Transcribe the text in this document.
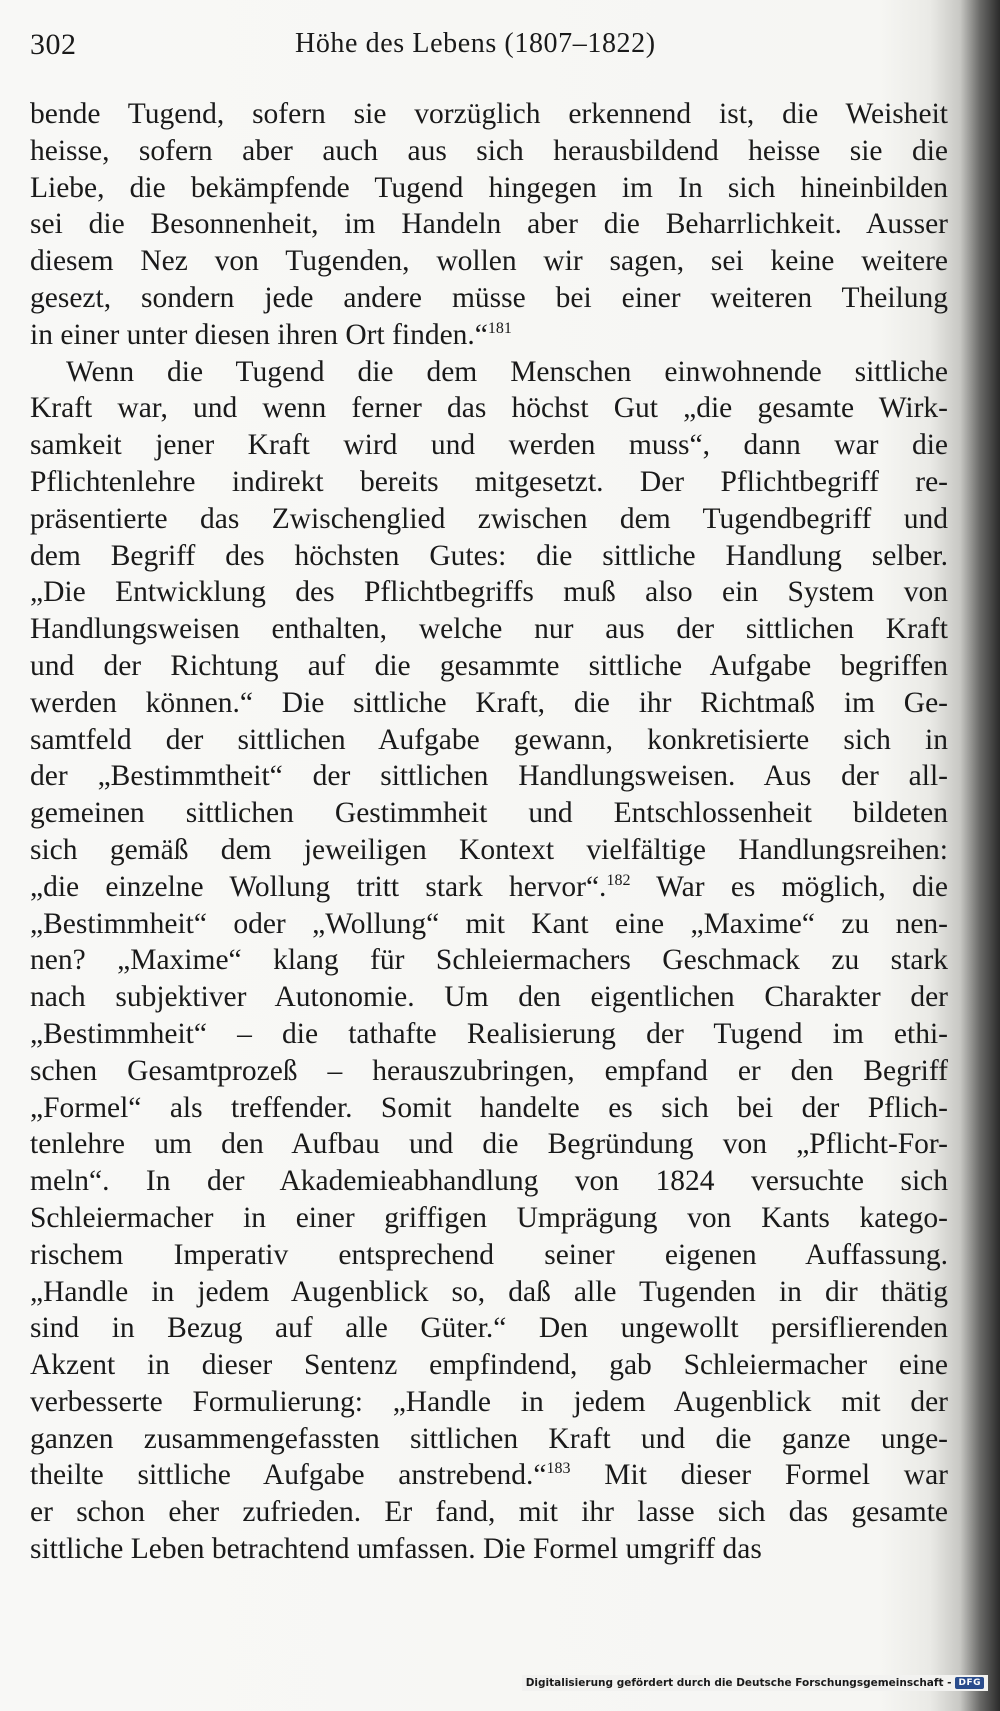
302	Höhe des Lebens (1807–1822)
bende Tugend, sofern sie vorzüglich erkennend ist, die Weisheit
heisse, sofern aber auch aus sich herausbildend heisse sie die
Liebe, die bekämpfende Tugend hingegen im In sich hineinbilden
sei die Besonnenheit, im Handeln aber die Beharrlichkeit. Ausser
diesem Nez von Tugenden, wollen wir sagen, sei keine weitere
gesezt, sondern jede andere müsse bei einer weiteren Theilung
in einer unter diesen ihren Ort finden.“$^{181}$
Wenn die Tugend die dem Menschen einwohnende sittliche
Kraft war, und wenn ferner das höchst Gut „die gesamte Wirk-
samkeit jener Kraft wird und werden muss“, dann war die
Pflichtenlehre indirekt bereits mitgesetzt. Der Pflichtbegriff re-
präsentierte das Zwischenglied zwischen dem Tugendbegriff und
dem Begriff des höchsten Gutes: die sittliche Handlung selber.
„Die Entwicklung des Pflichtbegriffs muß also ein System von
Handlungsweisen enthalten, welche nur aus der sittlichen Kraft
und der Richtung auf die gesammte sittliche Aufgabe begriffen
werden können.“ Die sittliche Kraft, die ihr Richtmaß im Ge-
samtfeld der sittlichen Aufgabe gewann, konkretisierte sich in
der „Bestimmtheit“ der sittlichen Handlungsweisen. Aus der all-
gemeinen sittlichen Gestimmheit und Entschlossenheit bildeten
sich gemäß dem jeweiligen Kontext vielfältige Handlungsreihen:
„die einzelne Wollung tritt stark hervor“.$^{182}$ War es möglich, die
„Bestimmheit“ oder „Wollung“ mit Kant eine „Maxime“ zu nen-
nen? „Maxime“ klang für Schleiermachers Geschmack zu stark
nach subjektiver Autonomie. Um den eigentlichen Charakter der
„Bestimmheit“ – die tathafte Realisierung der Tugend im ethi-
schen Gesamtprozeß – herauszubringen, empfand er den Begriff
„Formel“ als treffender. Somit handelte es sich bei der Pflich-
tenlehre um den Aufbau und die Begründung von „Pflicht-For-
meln“. In der Akademieabhandlung von 1824 versuchte sich
Schleiermacher in einer griffigen Umprägung von Kants katego-
rischem Imperativ entsprechend seiner eigenen Auffassung.
„Handle in jedem Augenblick so, daß alle Tugenden in dir thätig
sind in Bezug auf alle Güter.“ Den ungewollt persiflierenden
Akzent in dieser Sentenz empfindend, gab Schleiermacher eine
verbesserte Formulierung: „Handle in jedem Augenblick mit der
ganzen zusammengefassten sittlichen Kraft und die ganze unge-
theilte sittliche Aufgabe anstrebend.“$^{183}$ Mit dieser Formel war
er schon eher zufrieden. Er fand, mit ihr lasse sich das gesamte
sittliche Leben betrachtend umfassen. Die Formel umgriff das
Digitalisierung gefördert durch die Deutsche Forschungsgemeinschaft - DFG
